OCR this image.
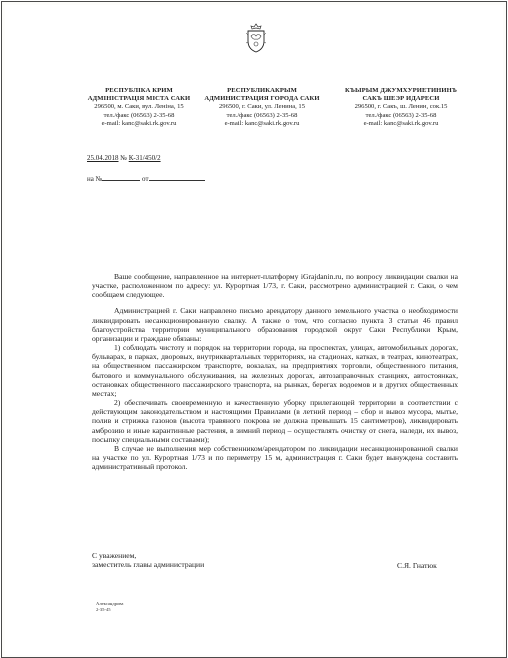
РЕСПУБЛІКА КРИМ
АДМІНІСТРАЦІЯ МІСТА САКИ
296500, м. Саки, вул. Леніна, 15
тел./факс (06563) 2-35-68
e-mail: kanc@saki.rk.gov.ru
РЕСПУБЛИКАКРЫМ
АДМИНИСТРАЦИЯ ГОРОДА САКИ
296500, г. Саки, ул. Ленина, 15
тел./факс (06563) 2-35-68
e-mail: kanc@saki.rk.gov.ru
КЪЫРЫМ ДЖУМХУРИЕТИНИНЪ
САКЪ ШЕЭР ИДАРЕСИ
296500, г. Сакъ, ш. Ленин, сок.15
тел./факс (06563) 2-35-68
e-mail: kanc@saki.rk.gov.ru
25.04.2018 № К-31/450/2
на №	от

Ваше сообщение, направленное на интернет-платформу iGrajdanin.ru, по вопросу ликвидации свалки на участке, расположенном по адресу: ул. Курортная 1/73, г. Саки, рассмотрено администрацией г. Саки, о чем сообщаем следующее.

Администрацией г. Саки направлено письмо арендатору данного земельного участка о необходимости ликвидировать несанкционированную свалку. А также о том, что согласно пункта 3 статьи 46 правил благоустройства территории муниципального образования городской округ Саки Республики Крым, организации и граждане обязаны:

1) соблюдать чистоту и порядок на территории города, на проспектах, улицах, автомобильных дорогах, бульварах, в парках, дворовых, внутриквартальных территориях, на стадионах, катках, в театрах, кинотеатрах, на общественном пассажирском транспорте, вокзалах, на предприятиях торговли, общественного питания, бытового и коммунального обслуживания, на железных дорогах, автозаправочных станциях, автостоянках, остановках общественного пассажирского транспорта, на рынках, берегах водоемов и в других общественных местах;

2) обеспечивать своевременную и качественную уборку прилегающей территории в соответствии с действующим законодательством и настоящими Правилами (в летний период – сбор и вывоз мусора, мытье, полив и стрижка газонов (высота травяного покрова не должна превышать 15 сантиметров), ликвидировать амброзию и иные карантинные растения, в зимний период – осуществлять очистку от снега, наледи, их вывоз, посыпку специальными составами);

В случае не выполнения мер собственником/арендатором по ликвидации несанкционированной свалки на участке по ул. Курортная 1/73 и по периметру 15 м, администрация г. Саки будет вынуждена составить административный протокол.

С уважением,
заместитель главы администрации	С.Я. Гнатюк
Александрова
2-35-45
